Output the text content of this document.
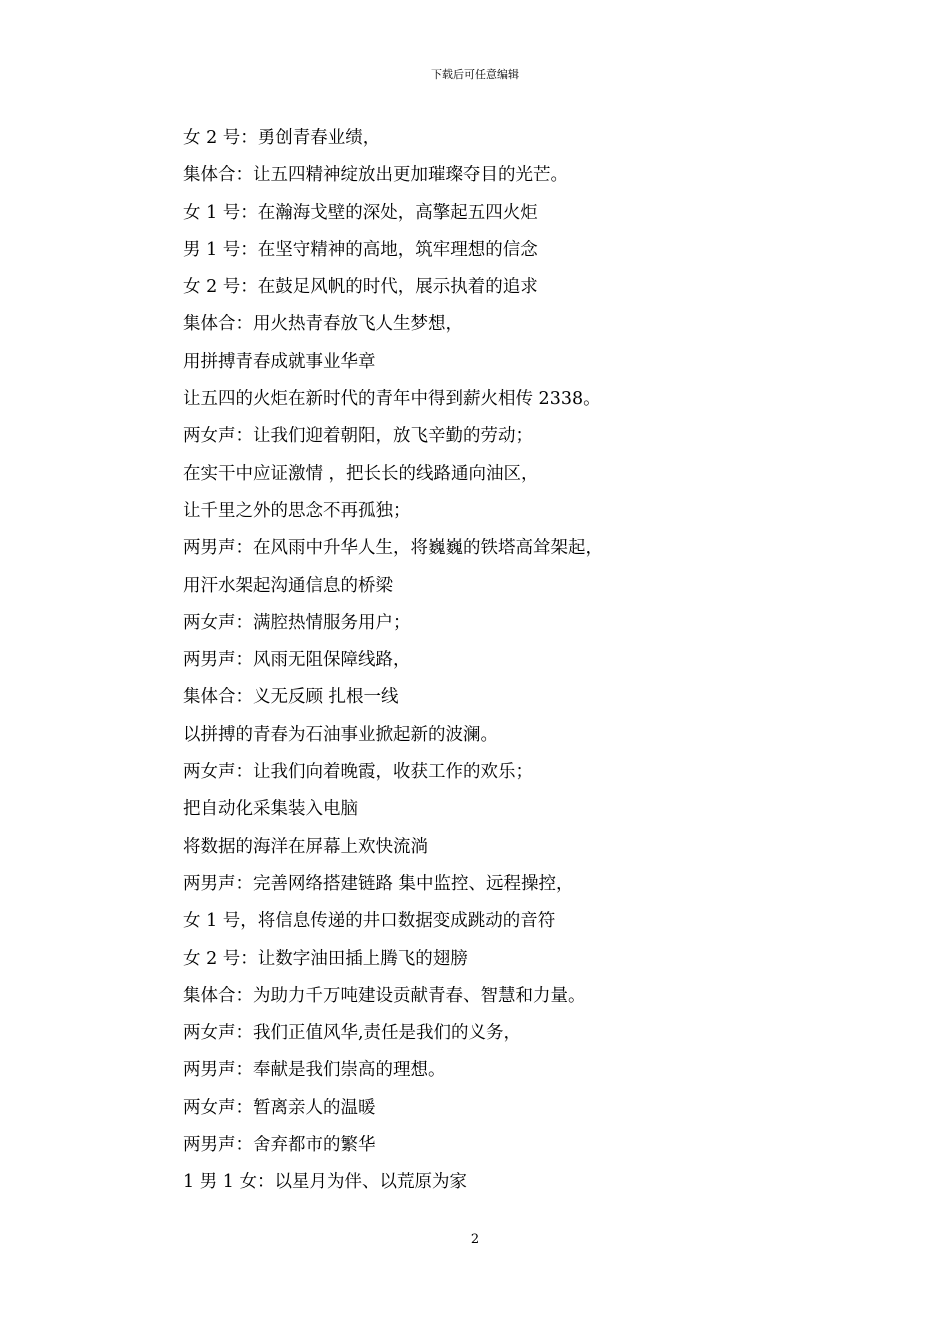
下载后可任意编辑
女 2 号：勇创青春业绩，
集体合：让五四精神绽放出更加璀璨夺目的光芒。
女 1 号：在瀚海戈壁的深处，高擎起五四火炬
男 1 号：在坚守精神的高地，筑牢理想的信念
女 2 号：在鼓足风帆的时代，展示执着的追求
集体合：用火热青春放飞人生梦想，
用拼搏青春成就事业华章
让五四的火炬在新时代的青年中得到薪火相传 2338。
两女声：让我们迎着朝阳，放飞辛勤的劳动；
在实干中应证激情 ，把长长的线路通向油区，
让千里之外的思念不再孤独；
两男声：在风雨中升华人生，将巍巍的铁塔高耸架起，
用汗水架起沟通信息的桥梁
两女声：满腔热情服务用户；
两男声：风雨无阻保障线路，
集体合：义无反顾 扎根一线
以拼搏的青春为石油事业掀起新的波澜。
两女声：让我们向着晚霞，收获工作的欢乐；
把自动化采集装入电脑
将数据的海洋在屏幕上欢快流淌
两男声：完善网络搭建链路 集中监控、远程操控，
女 1 号，将信息传递的井口数据变成跳动的音符
女 2 号：让数字油田插上腾飞的翅膀
集体合：为助力千万吨建设贡献青春、智慧和力量。
两女声：我们正值风华,责任是我们的义务，
两男声：奉献是我们崇高的理想。
两女声：暂离亲人的温暖
两男声：舍弃都市的繁华
1 男 1 女：以星月为伴、以荒原为家
2
